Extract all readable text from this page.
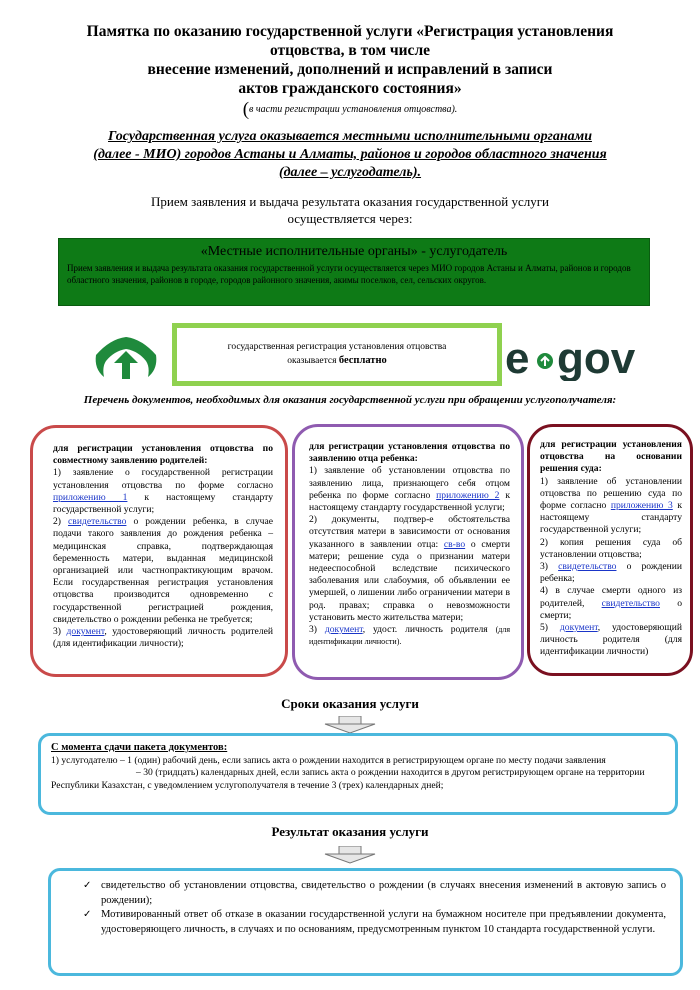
Памятка по оказанию государственной услуги «Регистрация установления
отцовства, в том числе
внесение изменений, дополнений и исправлений в записи
актов гражданского состояния»
(в части регистрации установления отцовства).
Государственная услуга оказывается местными исполнительными органами (далее - МИО) городов Астаны и Алматы, районов и городов областного значения (далее – услугодатель).
Прием заявления и выдача результата оказания государственной услуги
осуществляется через:
«Местные исполнительные органы» - услугодатель
Прием заявления и выдача результата оказания государственной услуги осуществляется через МИО городов Астаны и Алматы, районов и городов областного значения, районов в городе, городов районного значения, акимы поселков, сел, сельских округов.
государственная регистрация установления отцовства
оказывается бесплатно	e gov
Перечень документов, необходимых для оказания государственной услуги при обращении услугополучателя:

для регистрации установления отцовства по совместному заявлению родителей:

1) заявление о государственной регистрации установления отцовства по форме согласно приложению 1 к настоящему стандарту государственной услуги;

2) свидетельство о рождении ребенка, в случае подачи такого заявления до рождения ребенка – медицинская справка, подтверждающая беременность матери, выданная медицинской организацией или частнопрактикующим врачом. Если государственная регистрация установления отцовства производится одновременно с государственной регистрацией рождения, свидетельство о рождении ребенка не требуется;

3) документ, удостоверяющий личность родителей (для идентификации личности);

для регистрации установления отцовства по заявлению отца ребенка:

1) заявление об установлении отцовства по заявлению лица, признающего себя отцом ребенка по форме согласно приложению 2 к настоящему стандарту государственной услуги;

2) документы, подтвер-е обстоятельства отсутствия матери в зависимости от основания указанного в заявлении отца: св-во о смерти матери; решение суда о признании матери недееспособной вследствие психического заболевания или слабоумия, об объявлении ее умершей, о лишении либо ограничении матери в род. правах; справка о невозможности установить место жительства матери;

3) документ, удост. личность родителя (для идентификации личности).

для регистрации установления отцовства на основании решения суда:

1) заявление об установлении отцовства по решению суда по форме согласно приложению 3 к настоящему стандарту государственной услуги;

2) копия решения суда об установлении отцовства;

3) свидетельство о рождении ребенка;

4) в случае смерти одного из родителей, свидетельство о смерти;

5) документ, удостоверяющий личность родителя (для идентификации личности)

Сроки оказания услуги
С момента сдачи пакета документов:
1) услугодателю – 1 (один) рабочий день, если запись акта о рождении находится в регистрирующем органе по месту подачи заявления
– 30 (тридцать) календарных дней, если запись акта о рождении находится в другом регистрирующем органе на территории Республики Казахстан, с уведомлением услугополучателя в течение 3 (трех) календарных дней;
Результат оказания услуги
✓ свидетельство об установлении отцовства, свидетельство о рождении (в случаях внесения изменений в актовую запись о рождении);
✓ Мотивированный ответ об отказе в оказании государственной услуги на бумажном носителе при предъявлении документа, удостоверяющего личность, в случаях и по основаниям, предусмотренным пунктом 10 стандарта государственной услуги.
